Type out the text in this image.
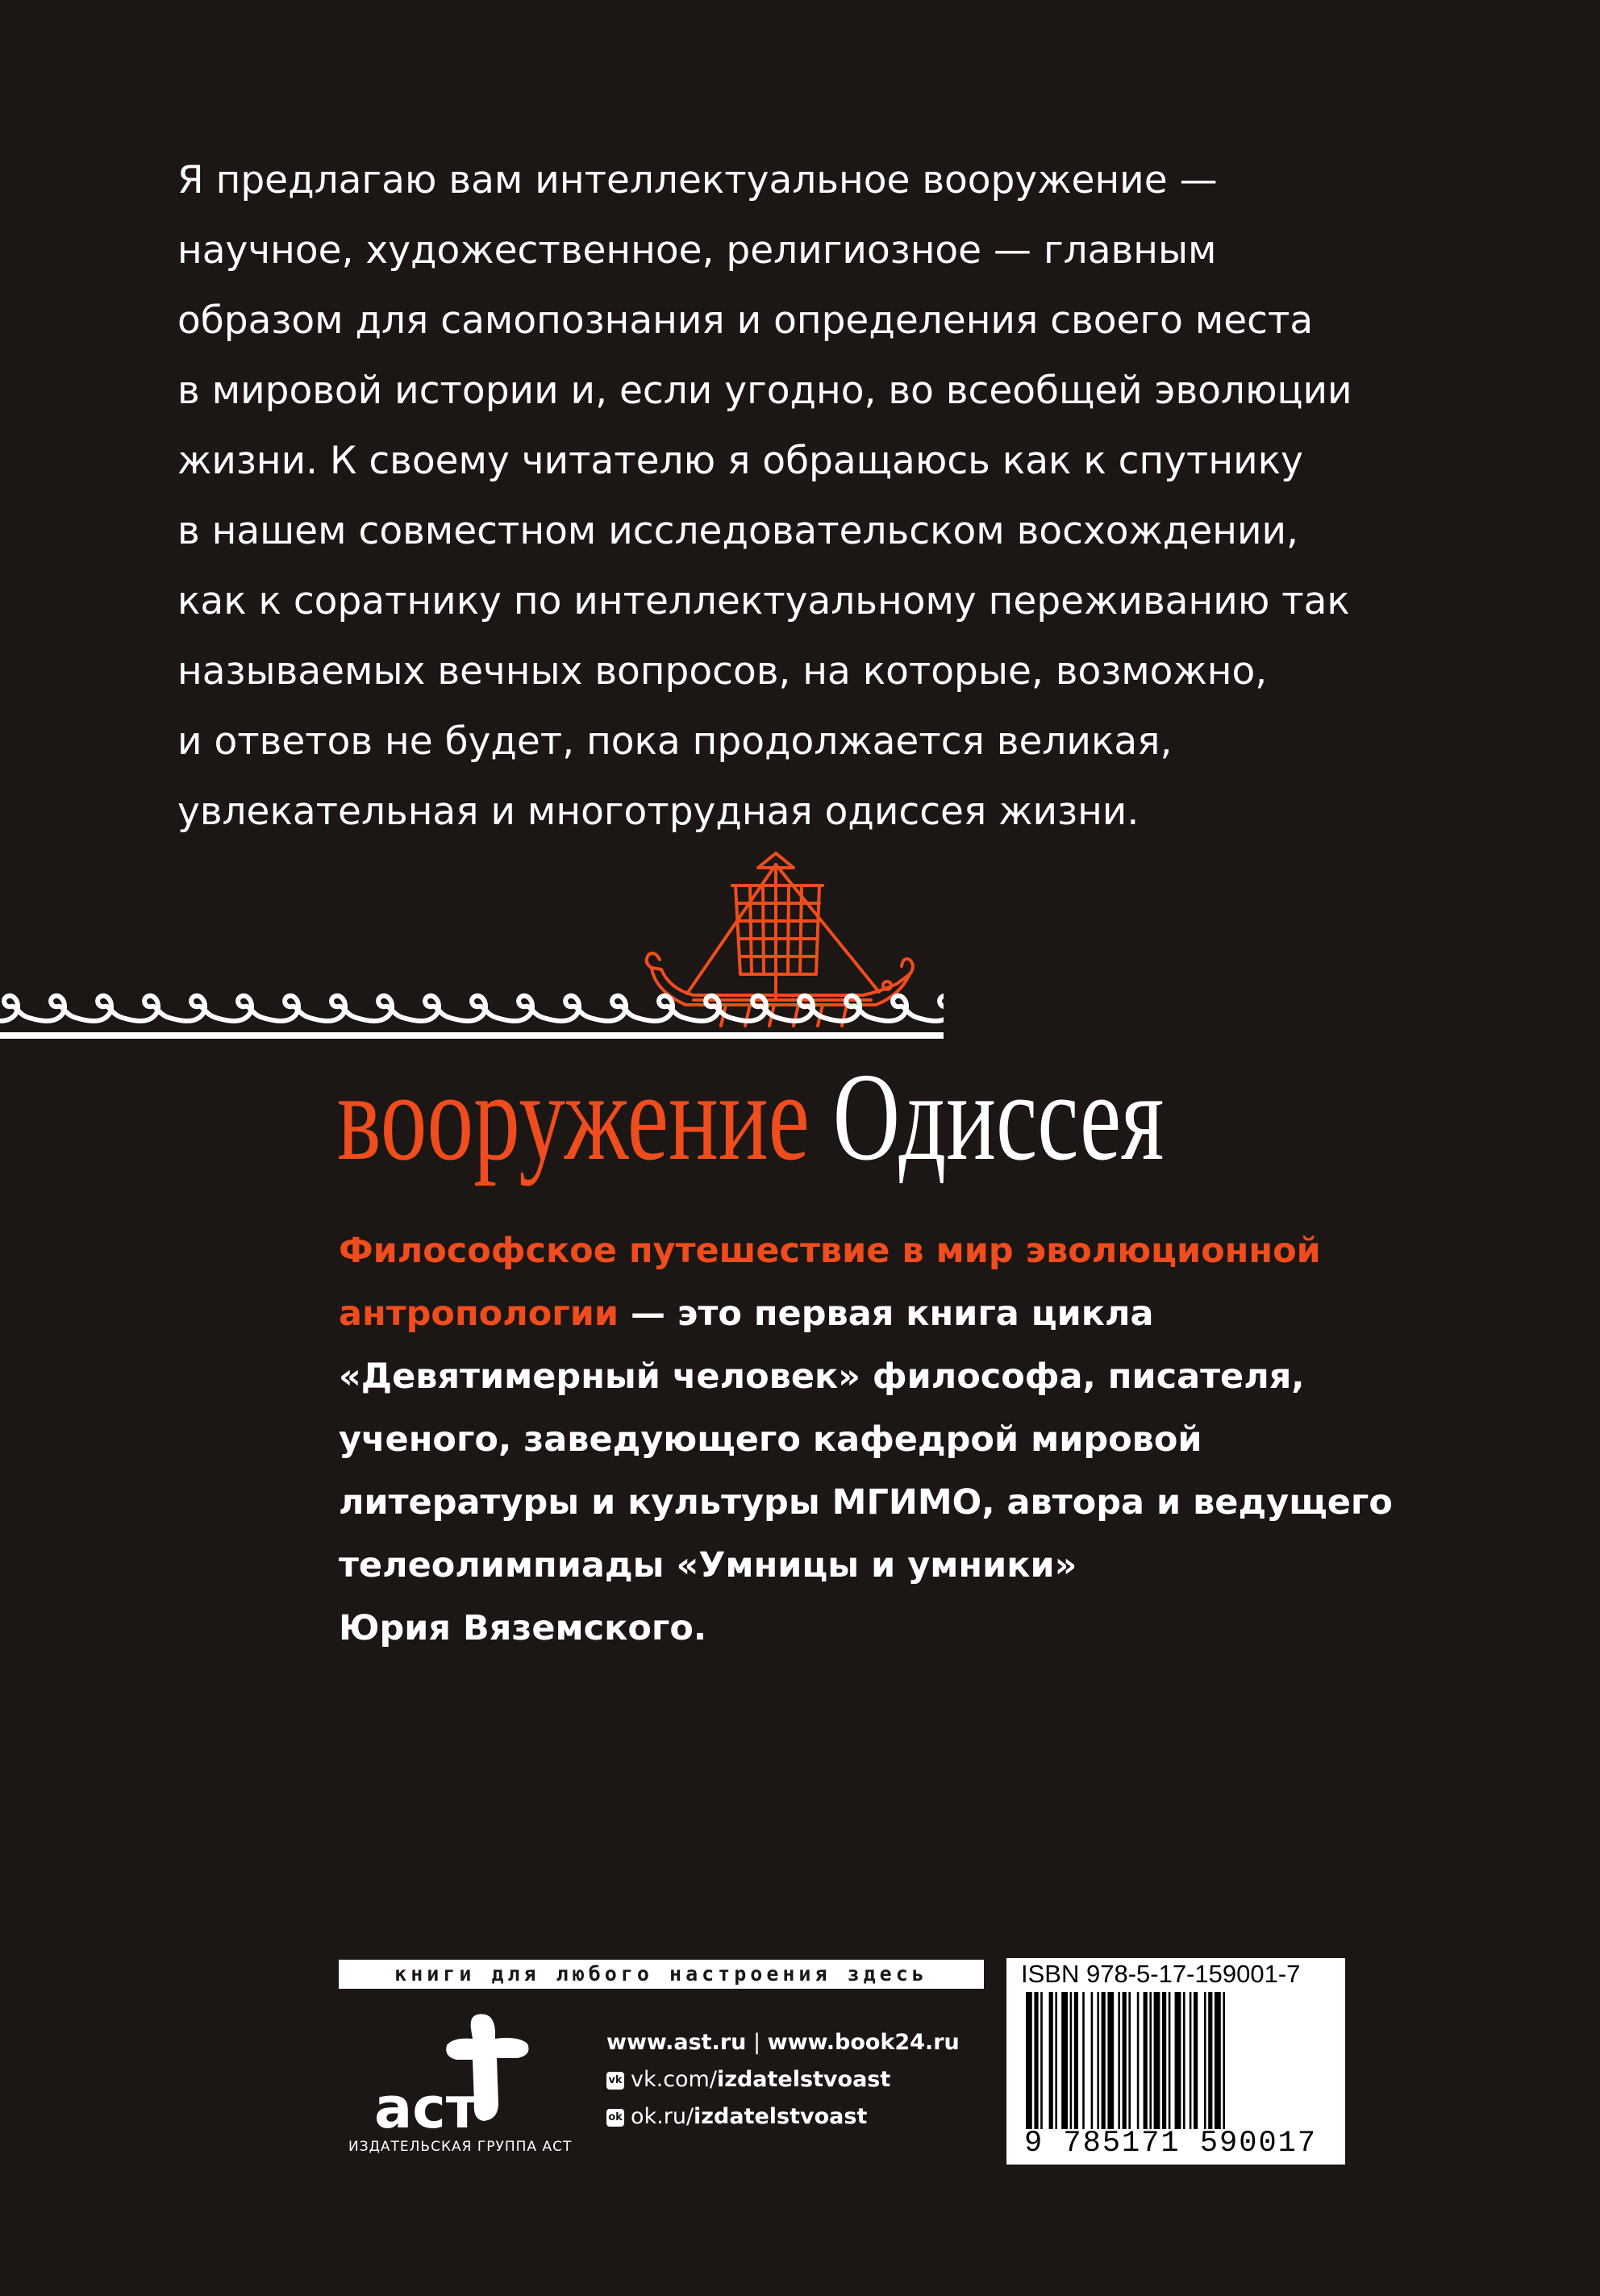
Я предлагаю вам интеллектуальное вооружение —
научное, художественное, религиозное — главным
образом для самопознания и определения своего места
в мировой истории и, если угодно, во всеобщей эволюции
жизни. К своему читателю я обращаюсь как к спутнику
в нашем совместном исследовательском восхождении,
как к соратнику по интеллектуальному переживанию так
называемых вечных вопросов, на которые, возможно,
и ответов не будет, пока продолжается великая,
увлекательная и многотрудная одиссея жизни.
вооружение Одиссея
Философское путешествие в мир эволюционной
антропологии — это первая книга цикла
«Девятимерный человек» философа, писателя,
ученого, заведующего кафедрой мировой
литературы и культуры МГИМО, автора и ведущего
телеолимпиады «Умницы и умники»
Юрия Вяземского.
книги для любого настроения здесь
аст
ИЗДАТЕЛЬСКАЯ ГРУППА АСТ
www.ast.ru | www.book24.ru
vk vk.com/izdatelstvoast
ok ok.ru/izdatelstvoast
ISBN 978-5-17-159001-7
9 785171 590017
